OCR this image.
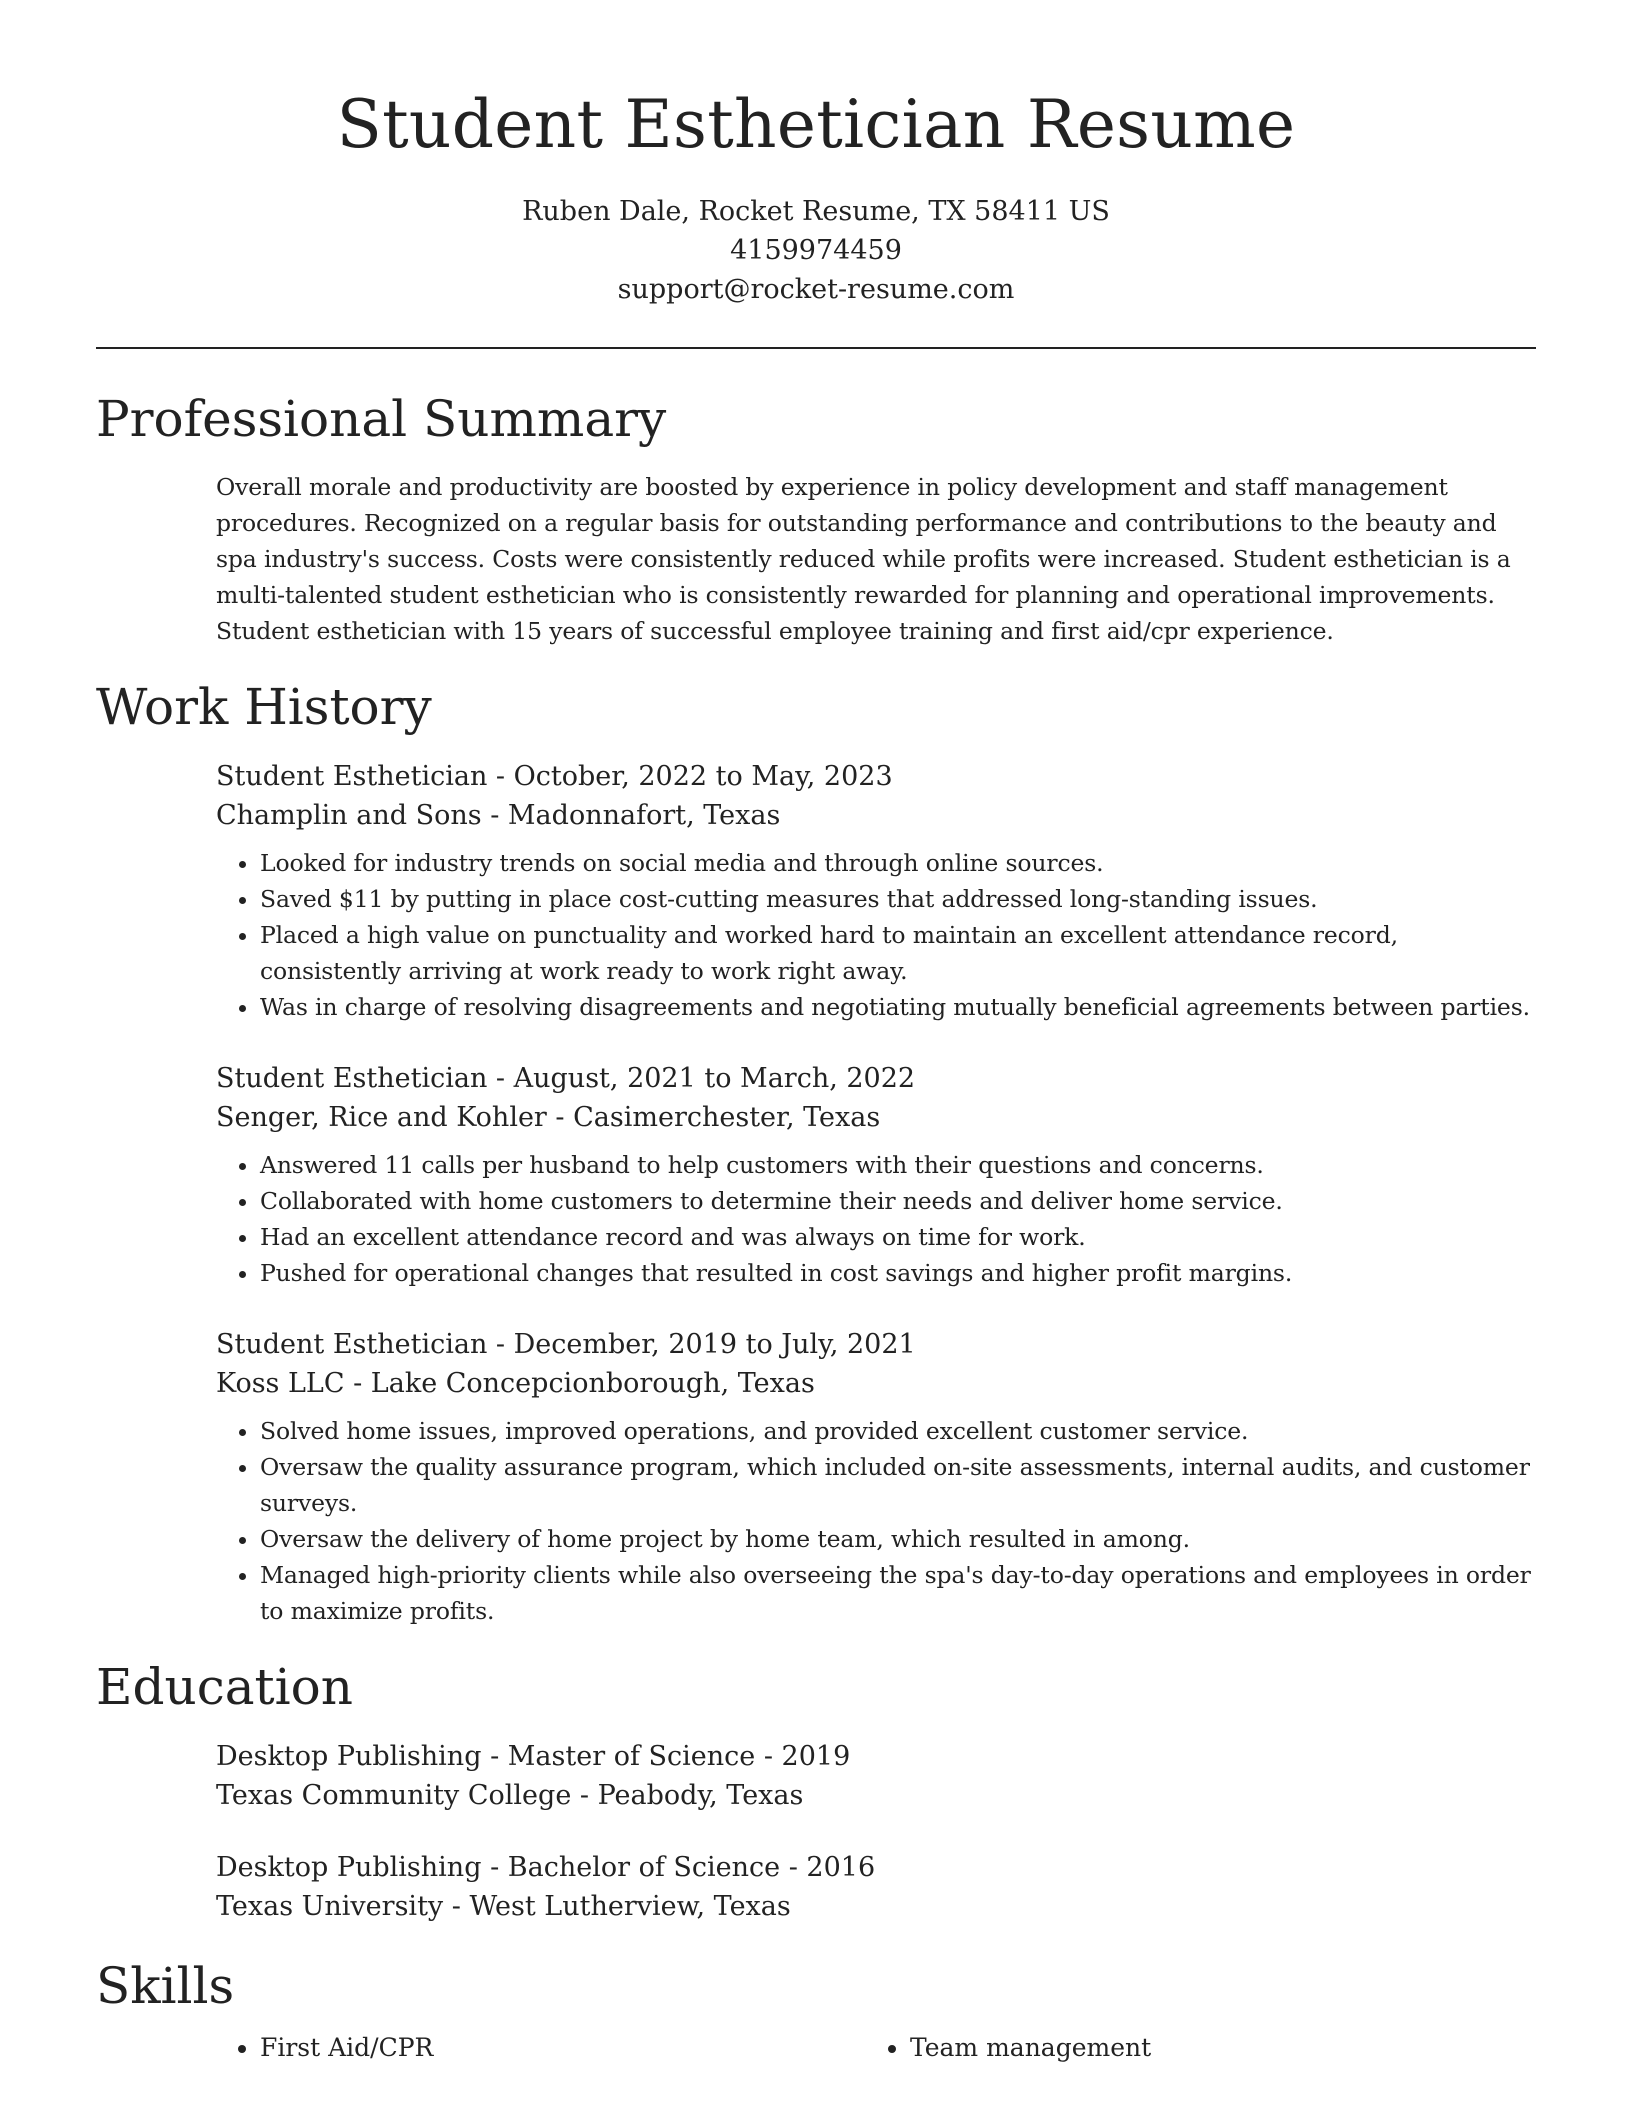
Student Esthetician Resume
Ruben Dale, Rocket Resume, TX 58411 US
4159974459
support@rocket-resume.com
Professional Summary
Overall morale and productivity are boosted by experience in policy development and staff management procedures. Recognized on a regular basis for outstanding performance and contributions to the beauty and spa industry's success. Costs were consistently reduced while profits were increased. Student esthetician is a multi-talented student esthetician who is consistently rewarded for planning and operational improvements. Student esthetician with 15 years of successful employee training and first aid/cpr experience.
Work History
Student Esthetician - October, 2022 to May, 2023
Champlin and Sons - Madonnafort, Texas
• Looked for industry trends on social media and through online sources.
• Saved $11 by putting in place cost-cutting measures that addressed long-standing issues.
• Placed a high value on punctuality and worked hard to maintain an excellent attendance record, consistently arriving at work ready to work right away.
• Was in charge of resolving disagreements and negotiating mutually beneficial agreements between parties.
Student Esthetician - August, 2021 to March, 2022
Senger, Rice and Kohler - Casimerchester, Texas
• Answered 11 calls per husband to help customers with their questions and concerns.
• Collaborated with home customers to determine their needs and deliver home service.
• Had an excellent attendance record and was always on time for work.
• Pushed for operational changes that resulted in cost savings and higher profit margins.
Student Esthetician - December, 2019 to July, 2021
Koss LLC - Lake Concepcionborough, Texas
• Solved home issues, improved operations, and provided excellent customer service.
• Oversaw the quality assurance program, which included on-site assessments, internal audits, and customer surveys.
• Oversaw the delivery of home project by home team, which resulted in among.
• Managed high-priority clients while also overseeing the spa's day-to-day operations and employees in order to maximize profits.
Education
Desktop Publishing - Master of Science - 2019
Texas Community College - Peabody, Texas
Desktop Publishing - Bachelor of Science - 2016
Texas University - West Lutherview, Texas
Skills
• First Aid/CPR
•	Team management
